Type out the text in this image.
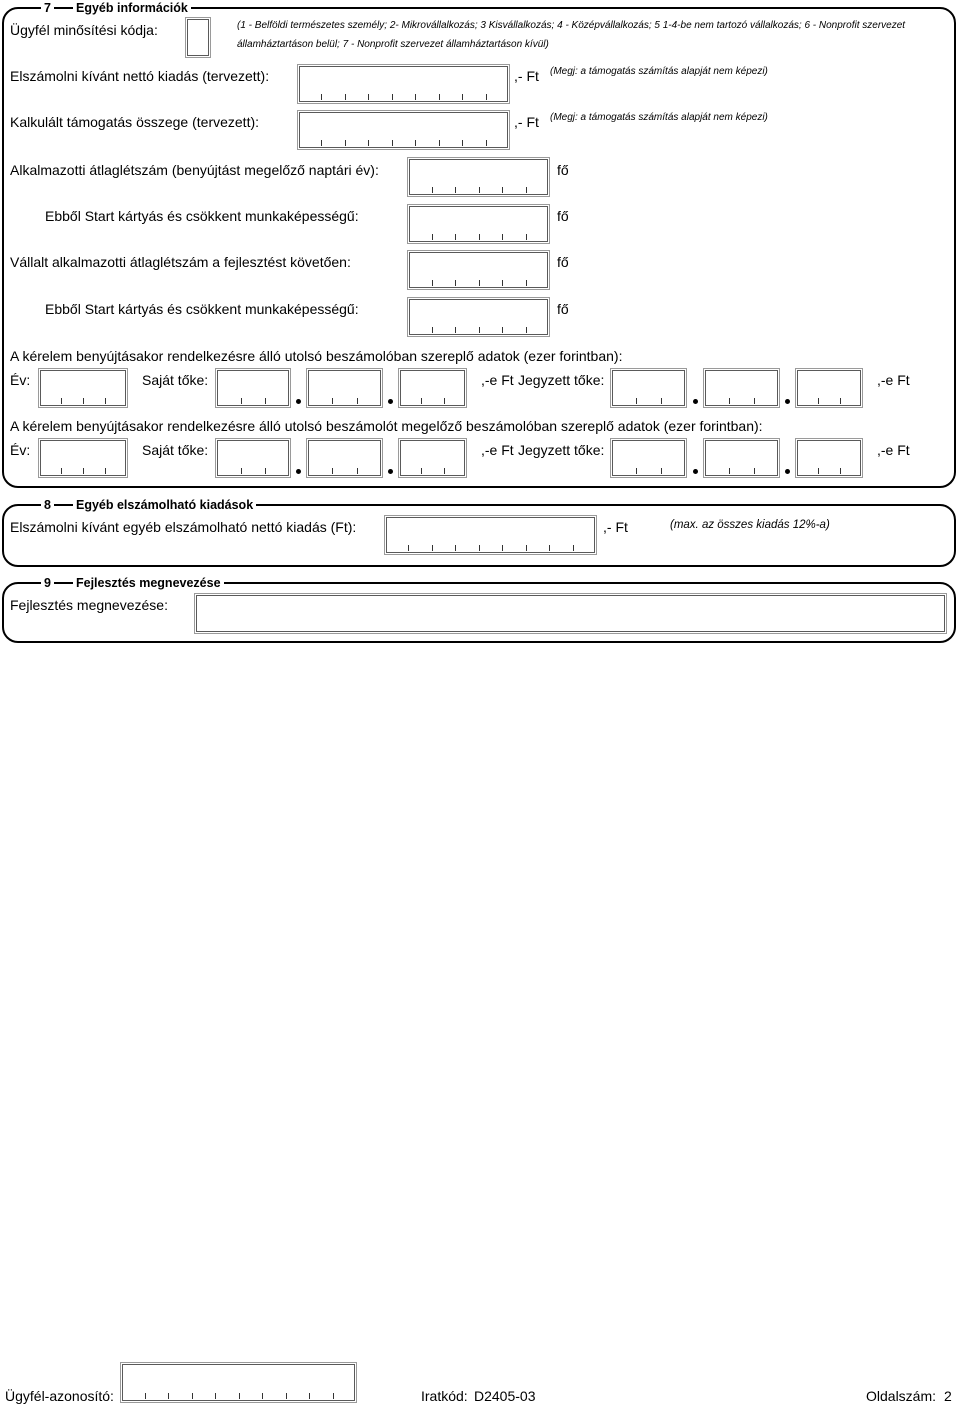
7 Egyéb információk
Ügyfél minősítési kódja:	(1 - Belföldi természetes személy; 2- Mikrovállalkozás; 3 Kisvállalkozás; 4 - Középvállalkozás; 5 1-4-be nem tartozó vállalkozás; 6 - Nonprofit szervezet
államháztartáson belül; 7 - Nonprofit szervezet államháztartáson kívül)
Elszámolni kívánt nettó kiadás (tervezett):	,- Ft (Megj: a támogatás számítás alapját nem képezi)
Kalkulált támogatás összege (tervezett):	,- Ft (Megj: a támogatás számítás alapját nem képezi)
Alkalmazotti átlaglétszám (benyújtást megelőző naptári év):	fő
Ebből Start kártyás és csökkent munkaképességű:	fő
Vállalt alkalmazotti átlaglétszám a fejlesztést követően:	fő
Ebből Start kártyás és csökkent munkaképességű:	fő
A kérelem benyújtásakor rendelkezésre álló utolsó beszámolóban szereplő adatok (ezer forintban):
Év:	Saját tőke:	,-e Ft Jegyzett tőke:	,-e Ft
A kérelem benyújtásakor rendelkezésre álló utolsó beszámolót megelőző beszámolóban szereplő adatok (ezer forintban):
Év:	Saját tőke:	,-e Ft Jegyzett tőke:	,-e Ft
8 Egyéb elszámolható kiadások
Elszámolni kívánt egyéb elszámolható nettó kiadás (Ft):	,- Ft	(max. az összes kiadás 12%-a)
9 Fejlesztés megnevezése
Fejlesztés megnevezése:
Ügyfél-azonosító:	Iratkód: D2405-03	Oldalszám: 2
